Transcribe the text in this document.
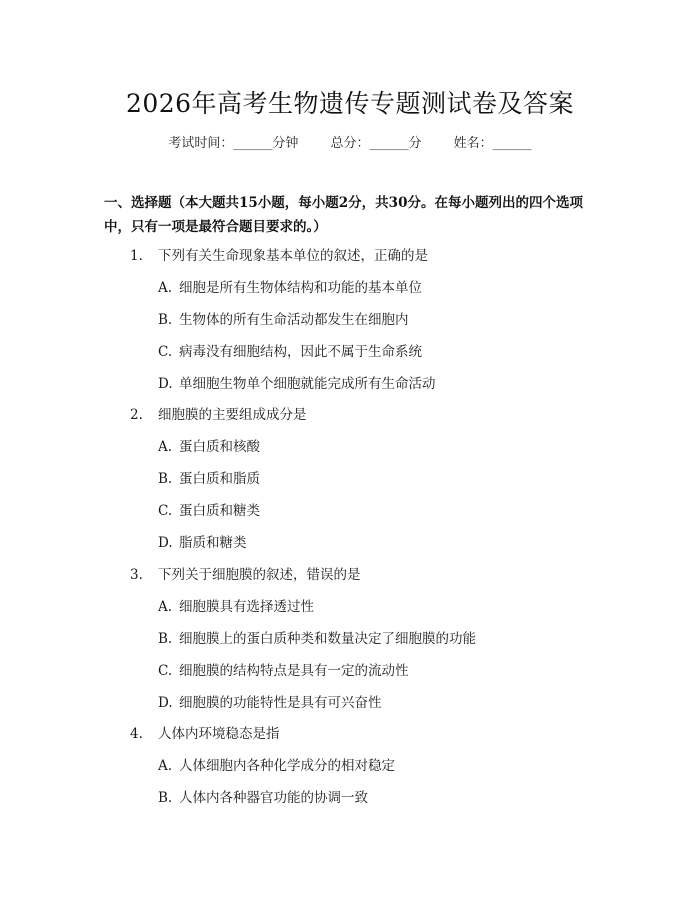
2026年高考生物遗传专题测试卷及答案
考试时间：______分钟 总分：______分 姓名：______
一、选择题（本大题共15小题，每小题2分，共30分。在每小题列出的四个选项中，只有一项是最符合题目要求的。）
1. 下列有关生命现象基本单位的叙述，正确的是
A. 细胞是所有生物体结构和功能的基本单位
B. 生物体的所有生命活动都发生在细胞内
C. 病毒没有细胞结构，因此不属于生命系统
D. 单细胞生物单个细胞就能完成所有生命活动
2. 细胞膜的主要组成成分是
A. 蛋白质和核酸
B. 蛋白质和脂质
C. 蛋白质和糖类
D. 脂质和糖类
3. 下列关于细胞膜的叙述，错误的是
A. 细胞膜具有选择透过性
B. 细胞膜上的蛋白质种类和数量决定了细胞膜的功能
C. 细胞膜的结构特点是具有一定的流动性
D. 细胞膜的功能特性是具有可兴奋性
4. 人体内环境稳态是指
A. 人体细胞内各种化学成分的相对稳定
B. 人体内各种器官功能的协调一致
